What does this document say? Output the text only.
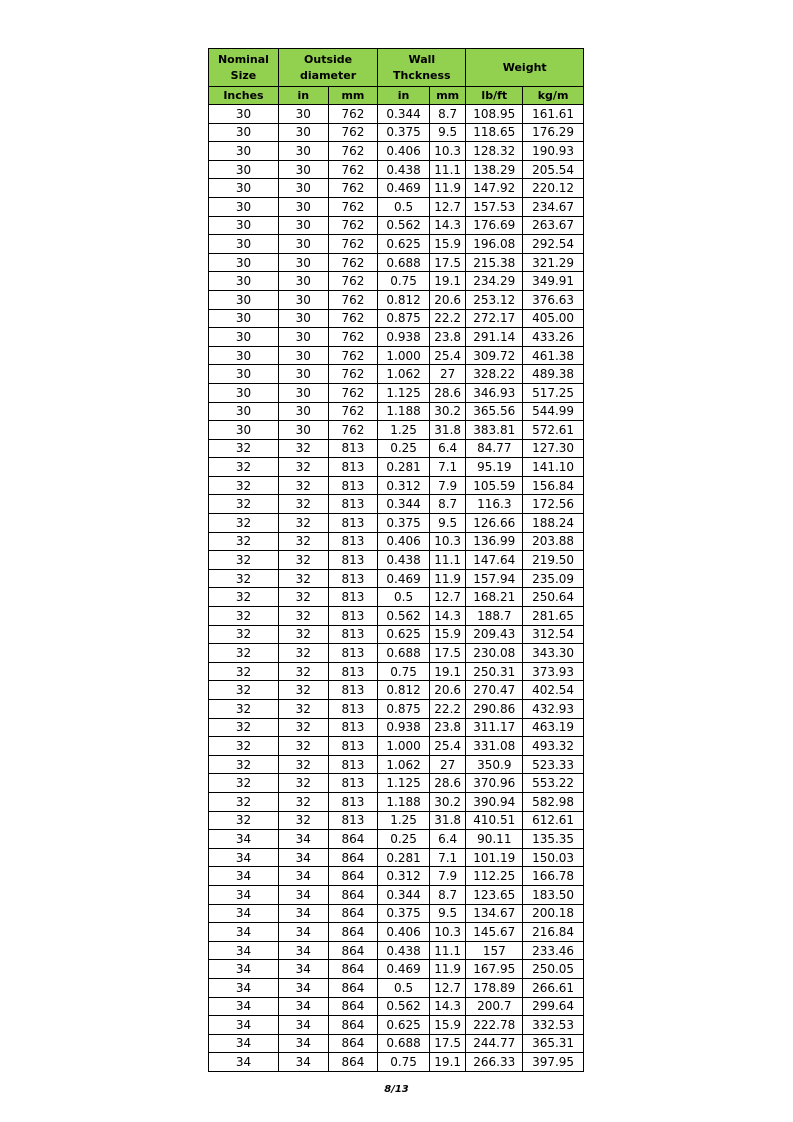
Nominal Size	Outside diameter		Wall Thckness		Weight	
Inches	in	mm	in	mm	lb/ft	kg/m
30	30	762	0.344	8.7	108.95	161.61
30	30	762	0.375	9.5	118.65	176.29
30	30	762	0.406	10.3	128.32	190.93
30	30	762	0.438	11.1	138.29	205.54
30	30	762	0.469	11.9	147.92	220.12
30	30	762	0.5	12.7	157.53	234.67
30	30	762	0.562	14.3	176.69	263.67
30	30	762	0.625	15.9	196.08	292.54
30	30	762	0.688	17.5	215.38	321.29
30	30	762	0.75	19.1	234.29	349.91
30	30	762	0.812	20.6	253.12	376.63
30	30	762	0.875	22.2	272.17	405.00
30	30	762	0.938	23.8	291.14	433.26
30	30	762	1.000	25.4	309.72	461.38
30	30	762	1.062	27	328.22	489.38
30	30	762	1.125	28.6	346.93	517.25
30	30	762	1.188	30.2	365.56	544.99
30	30	762	1.25	31.8	383.81	572.61
32	32	813	0.25	6.4	84.77	127.30
32	32	813	0.281	7.1	95.19	141.10
32	32	813	0.312	7.9	105.59	156.84
32	32	813	0.344	8.7	116.3	172.56
32	32	813	0.375	9.5	126.66	188.24
32	32	813	0.406	10.3	136.99	203.88
32	32	813	0.438	11.1	147.64	219.50
32	32	813	0.469	11.9	157.94	235.09
32	32	813	0.5	12.7	168.21	250.64
32	32	813	0.562	14.3	188.7	281.65
32	32	813	0.625	15.9	209.43	312.54
32	32	813	0.688	17.5	230.08	343.30
32	32	813	0.75	19.1	250.31	373.93
32	32	813	0.812	20.6	270.47	402.54
32	32	813	0.875	22.2	290.86	432.93
32	32	813	0.938	23.8	311.17	463.19
32	32	813	1.000	25.4	331.08	493.32
32	32	813	1.062	27	350.9	523.33
32	32	813	1.125	28.6	370.96	553.22
32	32	813	1.188	30.2	390.94	582.98
32	32	813	1.25	31.8	410.51	612.61
34	34	864	0.25	6.4	90.11	135.35
34	34	864	0.281	7.1	101.19	150.03
34	34	864	0.312	7.9	112.25	166.78
34	34	864	0.344	8.7	123.65	183.50
34	34	864	0.375	9.5	134.67	200.18
34	34	864	0.406	10.3	145.67	216.84
34	34	864	0.438	11.1	157	233.46
34	34	864	0.469	11.9	167.95	250.05
34	34	864	0.5	12.7	178.89	266.61
34	34	864	0.562	14.3	200.7	299.64
34	34	864	0.625	15.9	222.78	332.53
34	34	864	0.688	17.5	244.77	365.31
34	34	864	0.75	19.1	266.33	397.95
8/13
